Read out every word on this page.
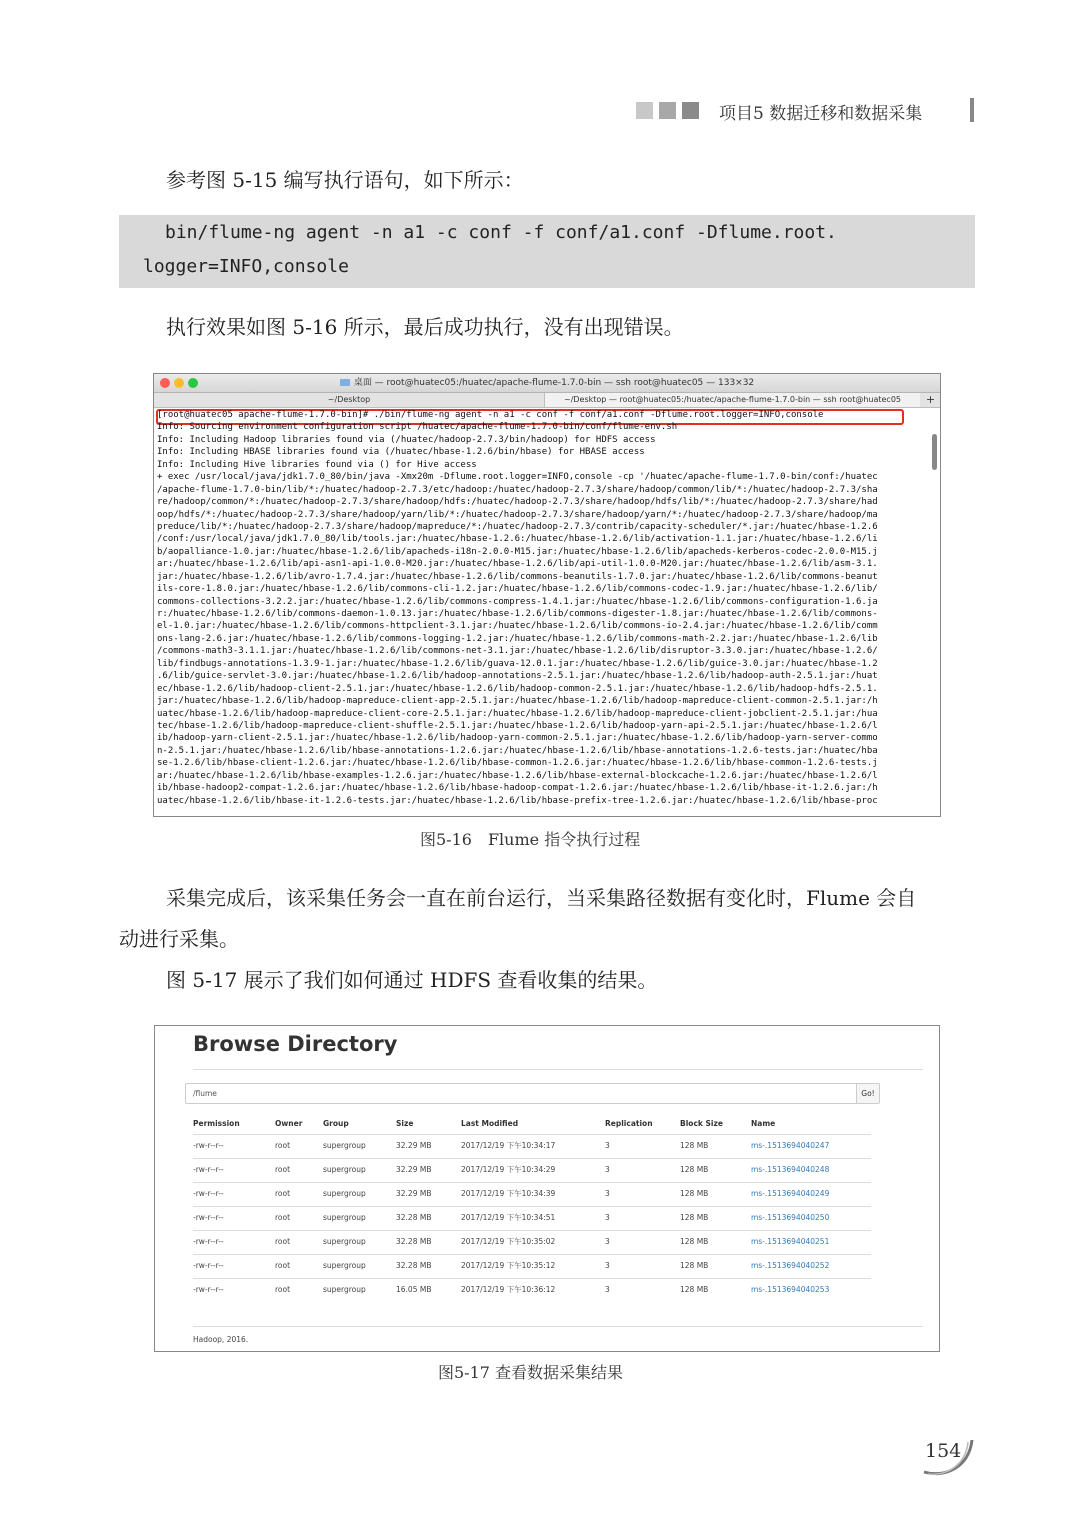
项目5 数据迁移和数据采集
参考图 5-15 编写执行语句，如下所示：
bin/flume-ng agent -n a1 -c conf -f conf/a1.conf -Dflume.root.
logger=INFO,console
执行效果如图 5-16 所示，最后成功执行，没有出现错误。
桌面 — root@huatec05:/huatec/apache-flume-1.7.0-bin — ssh root@huatec05 — 133×32
~/Desktop	~/Desktop — root@huatec05:/huatec/apache-flume-1.7.0-bin — ssh root@huatec05	+
[root@huatec05 apache-flume-1.7.0-bin]# ./bin/flume-ng agent -n a1 -c conf -f conf/a1.conf -Dflume.root.logger=INFO,console
Info: Sourcing environment configuration script /huatec/apache-flume-1.7.0-bin/conf/flume-env.sh
Info: Including Hadoop libraries found via (/huatec/hadoop-2.7.3/bin/hadoop) for HDFS access
Info: Including HBASE libraries found via (/huatec/hbase-1.2.6/bin/hbase) for HBASE access
Info: Including Hive libraries found via () for Hive access
+ exec /usr/local/java/jdk1.7.0_80/bin/java -Xmx20m -Dflume.root.logger=INFO,console -cp '/huatec/apache-flume-1.7.0-bin/conf:/huatec
/apache-flume-1.7.0-bin/lib/*:/huatec/hadoop-2.7.3/etc/hadoop:/huatec/hadoop-2.7.3/share/hadoop/common/lib/*:/huatec/hadoop-2.7.3/sha
re/hadoop/common/*:/huatec/hadoop-2.7.3/share/hadoop/hdfs:/huatec/hadoop-2.7.3/share/hadoop/hdfs/lib/*:/huatec/hadoop-2.7.3/share/had
oop/hdfs/*:/huatec/hadoop-2.7.3/share/hadoop/yarn/lib/*:/huatec/hadoop-2.7.3/share/hadoop/yarn/*:/huatec/hadoop-2.7.3/share/hadoop/ma
preduce/lib/*:/huatec/hadoop-2.7.3/share/hadoop/mapreduce/*:/huatec/hadoop-2.7.3/contrib/capacity-scheduler/*.jar:/huatec/hbase-1.2.6
/conf:/usr/local/java/jdk1.7.0_80/lib/tools.jar:/huatec/hbase-1.2.6:/huatec/hbase-1.2.6/lib/activation-1.1.jar:/huatec/hbase-1.2.6/li
b/aopalliance-1.0.jar:/huatec/hbase-1.2.6/lib/apacheds-i18n-2.0.0-M15.jar:/huatec/hbase-1.2.6/lib/apacheds-kerberos-codec-2.0.0-M15.j
ar:/huatec/hbase-1.2.6/lib/api-asn1-api-1.0.0-M20.jar:/huatec/hbase-1.2.6/lib/api-util-1.0.0-M20.jar:/huatec/hbase-1.2.6/lib/asm-3.1.
jar:/huatec/hbase-1.2.6/lib/avro-1.7.4.jar:/huatec/hbase-1.2.6/lib/commons-beanutils-1.7.0.jar:/huatec/hbase-1.2.6/lib/commons-beanut
ils-core-1.8.0.jar:/huatec/hbase-1.2.6/lib/commons-cli-1.2.jar:/huatec/hbase-1.2.6/lib/commons-codec-1.9.jar:/huatec/hbase-1.2.6/lib/
commons-collections-3.2.2.jar:/huatec/hbase-1.2.6/lib/commons-compress-1.4.1.jar:/huatec/hbase-1.2.6/lib/commons-configuration-1.6.ja
r:/huatec/hbase-1.2.6/lib/commons-daemon-1.0.13.jar:/huatec/hbase-1.2.6/lib/commons-digester-1.8.jar:/huatec/hbase-1.2.6/lib/commons-
el-1.0.jar:/huatec/hbase-1.2.6/lib/commons-httpclient-3.1.jar:/huatec/hbase-1.2.6/lib/commons-io-2.4.jar:/huatec/hbase-1.2.6/lib/comm
ons-lang-2.6.jar:/huatec/hbase-1.2.6/lib/commons-logging-1.2.jar:/huatec/hbase-1.2.6/lib/commons-math-2.2.jar:/huatec/hbase-1.2.6/lib
/commons-math3-3.1.1.jar:/huatec/hbase-1.2.6/lib/commons-net-3.1.jar:/huatec/hbase-1.2.6/lib/disruptor-3.3.0.jar:/huatec/hbase-1.2.6/
lib/findbugs-annotations-1.3.9-1.jar:/huatec/hbase-1.2.6/lib/guava-12.0.1.jar:/huatec/hbase-1.2.6/lib/guice-3.0.jar:/huatec/hbase-1.2
.6/lib/guice-servlet-3.0.jar:/huatec/hbase-1.2.6/lib/hadoop-annotations-2.5.1.jar:/huatec/hbase-1.2.6/lib/hadoop-auth-2.5.1.jar:/huat
ec/hbase-1.2.6/lib/hadoop-client-2.5.1.jar:/huatec/hbase-1.2.6/lib/hadoop-common-2.5.1.jar:/huatec/hbase-1.2.6/lib/hadoop-hdfs-2.5.1.
jar:/huatec/hbase-1.2.6/lib/hadoop-mapreduce-client-app-2.5.1.jar:/huatec/hbase-1.2.6/lib/hadoop-mapreduce-client-common-2.5.1.jar:/h
uatec/hbase-1.2.6/lib/hadoop-mapreduce-client-core-2.5.1.jar:/huatec/hbase-1.2.6/lib/hadoop-mapreduce-client-jobclient-2.5.1.jar:/hua
tec/hbase-1.2.6/lib/hadoop-mapreduce-client-shuffle-2.5.1.jar:/huatec/hbase-1.2.6/lib/hadoop-yarn-api-2.5.1.jar:/huatec/hbase-1.2.6/l
ib/hadoop-yarn-client-2.5.1.jar:/huatec/hbase-1.2.6/lib/hadoop-yarn-common-2.5.1.jar:/huatec/hbase-1.2.6/lib/hadoop-yarn-server-commo
n-2.5.1.jar:/huatec/hbase-1.2.6/lib/hbase-annotations-1.2.6.jar:/huatec/hbase-1.2.6/lib/hbase-annotations-1.2.6-tests.jar:/huatec/hba
se-1.2.6/lib/hbase-client-1.2.6.jar:/huatec/hbase-1.2.6/lib/hbase-common-1.2.6.jar:/huatec/hbase-1.2.6/lib/hbase-common-1.2.6-tests.j
ar:/huatec/hbase-1.2.6/lib/hbase-examples-1.2.6.jar:/huatec/hbase-1.2.6/lib/hbase-external-blockcache-1.2.6.jar:/huatec/hbase-1.2.6/l
ib/hbase-hadoop2-compat-1.2.6.jar:/huatec/hbase-1.2.6/lib/hbase-hadoop-compat-1.2.6.jar:/huatec/hbase-1.2.6/lib/hbase-it-1.2.6.jar:/h
uatec/hbase-1.2.6/lib/hbase-it-1.2.6-tests.jar:/huatec/hbase-1.2.6/lib/hbase-prefix-tree-1.2.6.jar:/huatec/hbase-1.2.6/lib/hbase-proc
图5-16　Flume 指令执行过程
采集完成后，该采集任务会一直在前台运行，当采集路径数据有变化时，Flume 会自
动进行采集。
图 5-17 展示了我们如何通过 HDFS 查看收集的结果。
Browse Directory
/flume	Go!
Permission	Owner	Group	Size	Last Modified	Replication	Block Size	Name
-rw-r--r--	root	supergroup	32.29 MB	2017/12/19 下午10:34:17	3	128 MB	ms-.1513694040247
-rw-r--r--	root	supergroup	32.29 MB	2017/12/19 下午10:34:29	3	128 MB	ms-.1513694040248
-rw-r--r--	root	supergroup	32.29 MB	2017/12/19 下午10:34:39	3	128 MB	ms-.1513694040249
-rw-r--r--	root	supergroup	32.28 MB	2017/12/19 下午10:34:51	3	128 MB	ms-.1513694040250
-rw-r--r--	root	supergroup	32.28 MB	2017/12/19 下午10:35:02	3	128 MB	ms-.1513694040251
-rw-r--r--	root	supergroup	32.28 MB	2017/12/19 下午10:35:12	3	128 MB	ms-.1513694040252
-rw-r--r--	root	supergroup	16.05 MB	2017/12/19 下午10:36:12	3	128 MB	ms-.1513694040253
Hadoop, 2016.
图5-17 查看数据采集结果
154
